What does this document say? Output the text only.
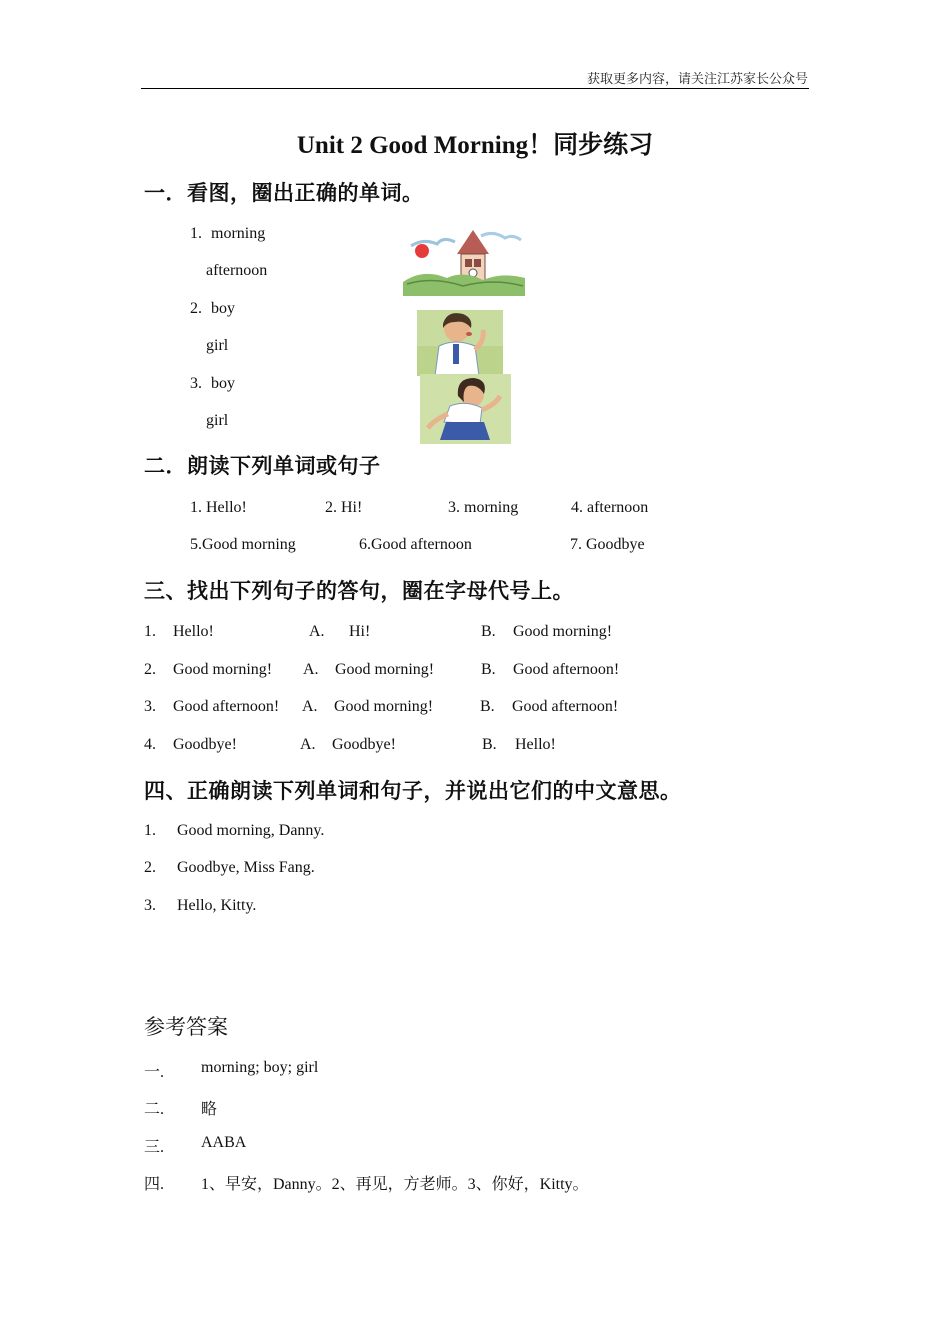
获取更多内容，请关注江苏家长公众号
Unit 2 Good Morning！同步练习
一．看图，圈出正确的单词。
1. morning
afternoon
2. boy
girl
3. boy
girl
二．朗读下列单词或句子
1. Hello!	2. Hi!	3. morning	4. afternoon
5.Good morning	6.Good afternoon	7. Goodbye
三、找出下列句子的答句，圈在字母代号上。
1. Hello!	A. Hi!	B. Good morning!
2. Good morning! A. Good morning!	B. Good afternoon!
3. Good afternoon! A. Good morning!	B. Good afternoon!
4. Goodbye!	A. Goodbye!	B. Hello!
四、正确朗读下列单词和句子，并说出它们的中文意思。
1. Good morning, Danny.
2. Goodbye, Miss Fang.
3. Hello, Kitty.
参考答案
一. morning; boy; girl
二. 略
三. AABA
四. 1、早安，Danny。2、再见，方老师。3、你好，Kitty。
